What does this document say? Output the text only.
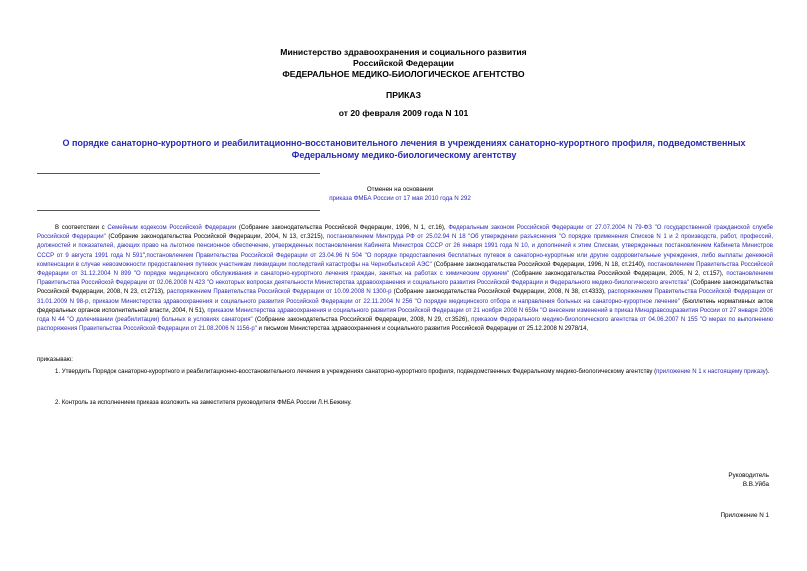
Министерство здравоохранения и социального развития
Российской Федерации
ФЕДЕРАЛЬНОЕ МЕДИКО-БИОЛОГИЧЕСКОЕ АГЕНТСТВО
ПРИКАЗ
от 20 февраля 2009 года N 101
О порядке санаторно-курортного и реабилитационно-восстановительного лечения в учреждениях санаторно-курортного профиля, подведомственных
Федеральному медико-биологическому агентству
Отменен на основании
приказа ФМБА России от 17 мая 2010 года N 292
В соответствии с Семейным кодексом Российской Федерации (Собрание законодательства Российской Федерации, 1996, N 1, ст.16), Федеральным законом Российской Федерации от 27.07.2004 N 79-ФЗ "О государственной гражданской службе Российской Федерации" (Собрание законодательства Российской Федерации, 2004, N 13, ст.3215), постановлением Минтруда РФ от 25.02.94 N 18 "Об утверждении разъяснения "О порядке применения Списков N 1 и 2 производств, работ, профессий, должностей и показателей, дающих право на льготное пенсионное обеспечение, утвержденных постановлением Кабинета Министров СССР от 26 января 1991 года N 10, и дополнений к этим Спискам, утвержденных постановлением Кабинета Министров СССР от 9 августа 1991 года N 591",постановлением Правительства Российской Федерации от 23.04.96 N 504 "О порядке предоставления бесплатных путевок в санаторно-курортные или другие оздоровительные учреждения, либо выплаты денежной компенсации в случае невозможности предоставления путевок участникам ликвидации последствий катастрофы на Чернобыльской АЭС" (Собрание законодательства Российской Федерации, 1996, N 18, ст.2140), постановлением Правительства Российской Федерации от 31.12.2004 N 899 "О порядке медицинского обслуживания и санаторно-курортного лечения граждан, занятых на работах с химическим оружием" (Собрание законодательства Российской Федерации, 2005, N 2, ст.157), постановлением Правительства Российской Федерации от 02.06.2008 N 423 "О некоторых вопросах деятельности Министерства здравоохранения и социального развития Российской Федерации и Федерального медико-биологического агентства" (Собрание законодательства Российской Федерации, 2008, N 23, ст.2713), распоряжением Правительства Российской Федерации от 10.09.2008 N 1300-р (Собрание законодательства Российской Федерации, 2008, N 38, ст.4333), распоряжением Правительства Российской Федерации от 31.01.2009 N 98-р, приказом Министерства здравоохранения и социального развития Российской Федерации от 22.11.2004 N 256 "О порядке медицинского отбора и направления больных на санаторно-курортное лечение" (Бюллетень нормативных актов федеральных органов исполнительной власти, 2004, N 51), приказом Министерства здравоохранения и социального развития Российской Федерации от 21 ноября 2008 N 659н "О внесении изменений в приказ Минздравсоцразвития России от 27 января 2006 года N 44 "О долечивании (реабилитации) больных в условиях санатория" (Собрание законодательства Российской Федерации, 2008, N 29, ст.3526), приказом Федерального медико-биологического агентства от 04.06.2007 N 155 "О мерах по выполнению распоряжения Правительства Российской Федерации от 21.08.2006 N 1156-р" и письмом Министерства здравоохранения и социального развития Российской Федерации от 25.12.2008 N 2978/14,
приказываю:
1. Утвердить Порядок санаторно-курортного и реабилитационно-восстановительного лечения в учреждениях санаторно-курортного профиля, подведомственных Федеральному медико-биологическому агентству (приложение N 1 к настоящему приказу).
2. Контроль за исполнением приказа возложить на заместителя руководителя ФМБА России Л.Н.Бежину.
Руководитель
В.В.Уйба
Приложение N 1
